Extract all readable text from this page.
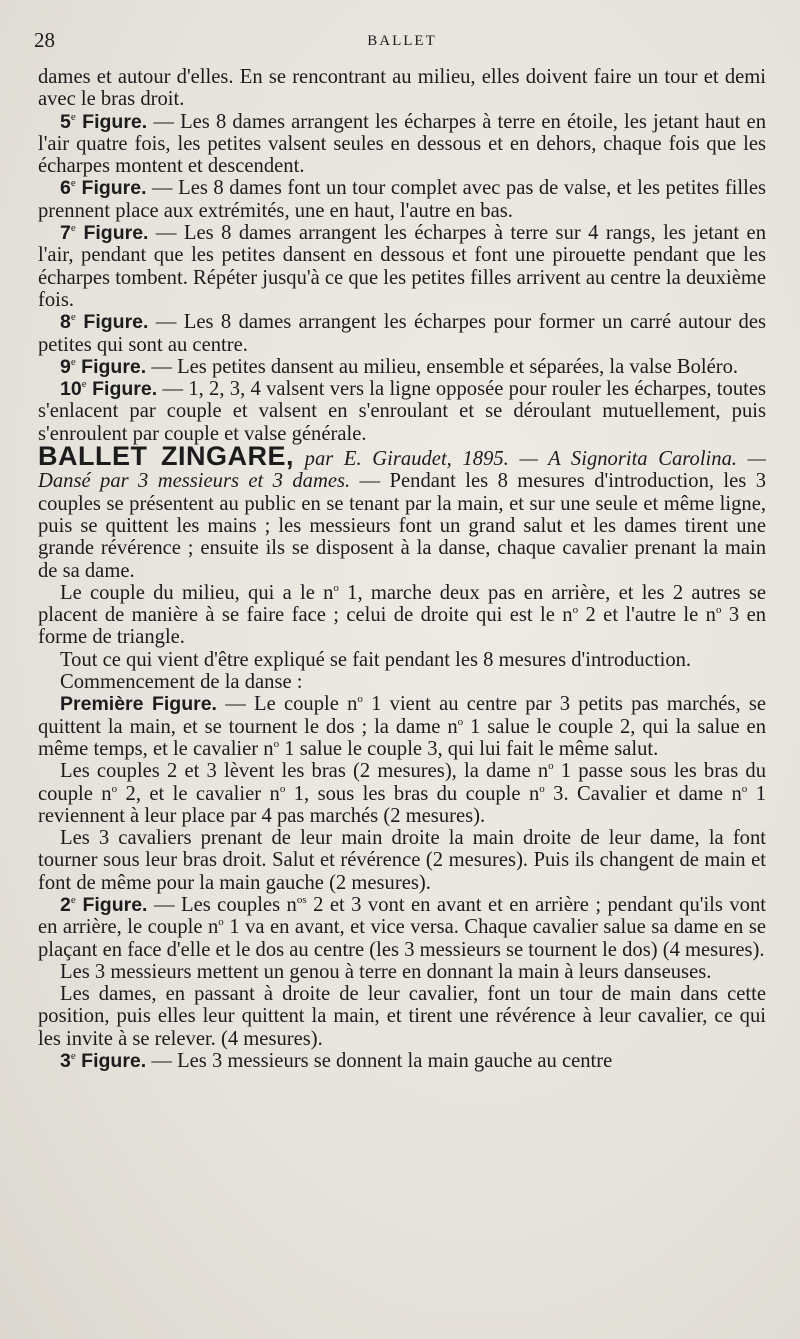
28	BALLET

dames et autour d'elles. En se rencontrant au milieu, elles doivent faire un tour et demi avec le bras droit.

5e Figure. — Les 8 dames arrangent les écharpes à terre en étoile, les jetant haut en l'air quatre fois, les petites valsent seules en dessous et en dehors, chaque fois que les écharpes montent et descendent.

6e Figure. — Les 8 dames font un tour complet avec pas de valse, et les petites filles prennent place aux extrémités, une en haut, l'autre en bas.

7e Figure. — Les 8 dames arrangent les écharpes à terre sur 4 rangs, les jetant en l'air, pendant que les petites dansent en dessous et font une pirouette pendant que les écharpes tombent. Répéter jusqu'à ce que les petites filles arrivent au centre la deuxième fois.

8e Figure. — Les 8 dames arrangent les écharpes pour former un carré autour des petites qui sont au centre.

9e Figure. — Les petites dansent au milieu, ensemble et séparées, la valse Boléro.

10e Figure. — 1, 2, 3, 4 valsent vers la ligne opposée pour rouler les écharpes, toutes s'enlacent par couple et valsent en s'enroulant et se déroulant mutuellement, puis s'enroulent par couple et valse générale.

BALLET ZINGARE, par E. Giraudet, 1895. — A Signorita Carolina. — Dansé par 3 messieurs et 3 dames. — Pendant les 8 mesures d'introduction, les 3 couples se présentent au public en se tenant par la main, et sur une seule et même ligne, puis se quittent les mains ; les messieurs font un grand salut et les dames tirent une grande révérence ; ensuite ils se disposent à la danse, chaque cavalier prenant la main de sa dame.

Le couple du milieu, qui a le $n^o$ 1, marche deux pas en arrière, et les 2 autres se placent de manière à se faire face ; celui de droite qui est le $n^o$ 2 et l'autre le $n^o$ 3 en forme de triangle.

Tout ce qui vient d'être expliqué se fait pendant les 8 mesures d'introduction.

Commencement de la danse :

Première Figure. — Le couple $n^o$ 1 vient au centre par 3 petits pas marchés, se quittent la main, et se tournent le dos ; la dame $n^o$ 1 salue le couple 2, qui la salue en même temps, et le cavalier $n^o$ 1 salue le couple 3, qui lui fait le même salut.

Les couples 2 et 3 lèvent les bras (2 mesures), la dame $n^o$ 1 passe sous les bras du couple $n^o$ 2, et le cavalier $n^o$ 1, sous les bras du couple $n^o$ 3. Cavalier et dame $n^o$ 1 reviennent à leur place par 4 pas marchés (2 mesures).

Les 3 cavaliers prenant de leur main droite la main droite de leur dame, la font tourner sous leur bras droit. Salut et révérence (2 mesures). Puis ils changent de main et font de même pour la main gauche (2 mesures).

2e Figure. — Les couples $n^{os}$ 2 et 3 vont en avant et en arrière ; pendant qu'ils vont en arrière, le couple $n^o$ 1 va en avant, et vice versa. Chaque cavalier salue sa dame en se plaçant en face d'elle et le dos au centre (les 3 messieurs se tournent le dos) (4 mesures).

Les 3 messieurs mettent un genou à terre en donnant la main à leurs danseuses.

Les dames, en passant à droite de leur cavalier, font un tour de main dans cette position, puis elles leur quittent la main, et tirent une révérence à leur cavalier, ce qui les invite à se relever. (4 mesures).

3e Figure. — Les 3 messieurs se donnent la main gauche au centre
